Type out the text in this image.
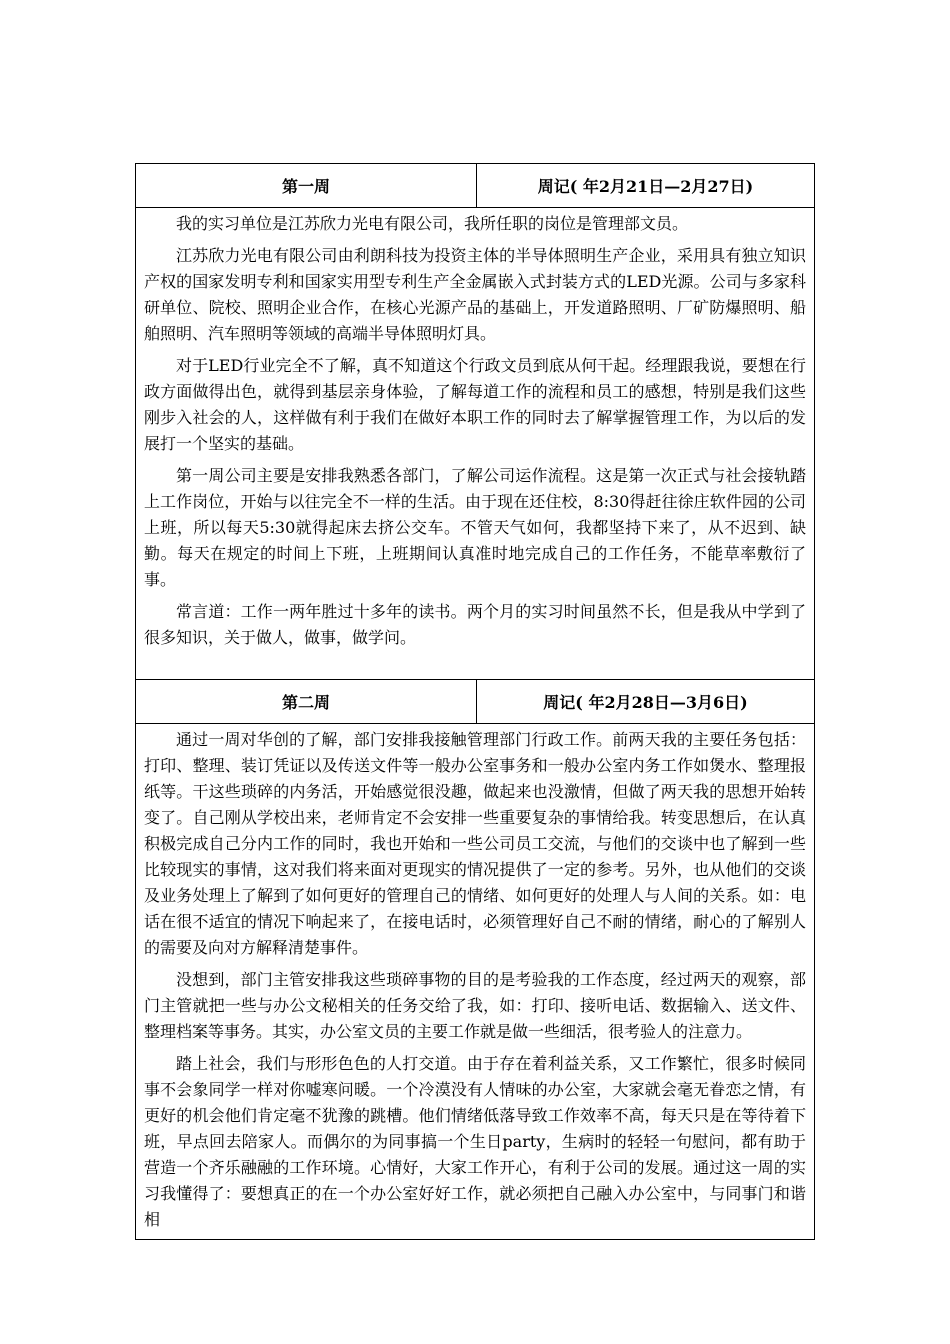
第一周	周记( 年2月21日—2月27日)

我的实习单位是江苏欣力光电有限公司，我所任职的岗位是管理部文员。

江苏欣力光电有限公司由利朗科技为投资主体的半导体照明生产企业，采用具有独立知识产权的国家发明专利和国家实用型专利生产全金属嵌入式封装方式的LED光源。公司与多家科研单位、院校、照明企业合作，在核心光源产品的基础上，开发道路照明、厂矿防爆照明、船舶照明、汽车照明等领域的高端半导体照明灯具。

对于LED行业完全不了解，真不知道这个行政文员到底从何干起。经理跟我说，要想在行政方面做得出色，就得到基层亲身体验，了解每道工作的流程和员工的感想，特别是我们这些刚步入社会的人，这样做有利于我们在做好本职工作的同时去了解掌握管理工作，为以后的发展打一个坚实的基础。

第一周公司主要是安排我熟悉各部门，了解公司运作流程。这是第一次正式与社会接轨踏上工作岗位，开始与以往完全不一样的生活。由于现在还住校，8:30得赶往徐庄软件园的公司上班，所以每天5:30就得起床去挤公交车。不管天气如何，我都坚持下来了，从不迟到、缺勤。每天在规定的时间上下班，上班期间认真准时地完成自己的工作任务，不能草率敷衍了事。

常言道：工作一两年胜过十多年的读书。两个月的实习时间虽然不长，但是我从中学到了很多知识，关于做人，做事，做学问。

第二周	周记( 年2月28日—3月6日)

通过一周对华创的了解，部门安排我接触管理部门行政工作。前两天我的主要任务包括：打印、整理、装订凭证以及传送文件等一般办公室事务和一般办公室内务工作如煲水、整理报纸等。干这些琐碎的内务活，开始感觉很没趣，做起来也没激情，但做了两天我的思想开始转变了。自己刚从学校出来，老师肯定不会安排一些重要复杂的事情给我。转变思想后，在认真积极完成自己分内工作的同时，我也开始和一些公司员工交流，与他们的交谈中也了解到一些比较现实的事情，这对我们将来面对更现实的情况提供了一定的参考。另外，也从他们的交谈及业务处理上了解到了如何更好的管理自己的情绪、如何更好的处理人与人间的关系。如：电话在很不适宜的情况下响起来了，在接电话时，必须管理好自己不耐的情绪，耐心的了解别人的需要及向对方解释清楚事件。

没想到，部门主管安排我这些琐碎事物的目的是考验我的工作态度，经过两天的观察，部门主管就把一些与办公文秘相关的任务交给了我，如：打印、接听电话、数据输入、送文件、整理档案等事务。其实，办公室文员的主要工作就是做一些细活，很考验人的注意力。

踏上社会，我们与形形色色的人打交道。由于存在着利益关系，又工作繁忙，很多时候同事不会象同学一样对你嘘寒问暖。一个冷漠没有人情味的办公室，大家就会毫无眷恋之情，有更好的机会他们肯定毫不犹豫的跳槽。他们情绪低落导致工作效率不高，每天只是在等待着下班，早点回去陪家人。而偶尔的为同事搞一个生日party，生病时的轻轻一句慰问，都有助于营造一个齐乐融融的工作环境。心情好，大家工作开心，有利于公司的发展。通过这一周的实习我懂得了：要想真正的在一个办公室好好工作，就必须把自己融入办公室中，与同事门和谐相
